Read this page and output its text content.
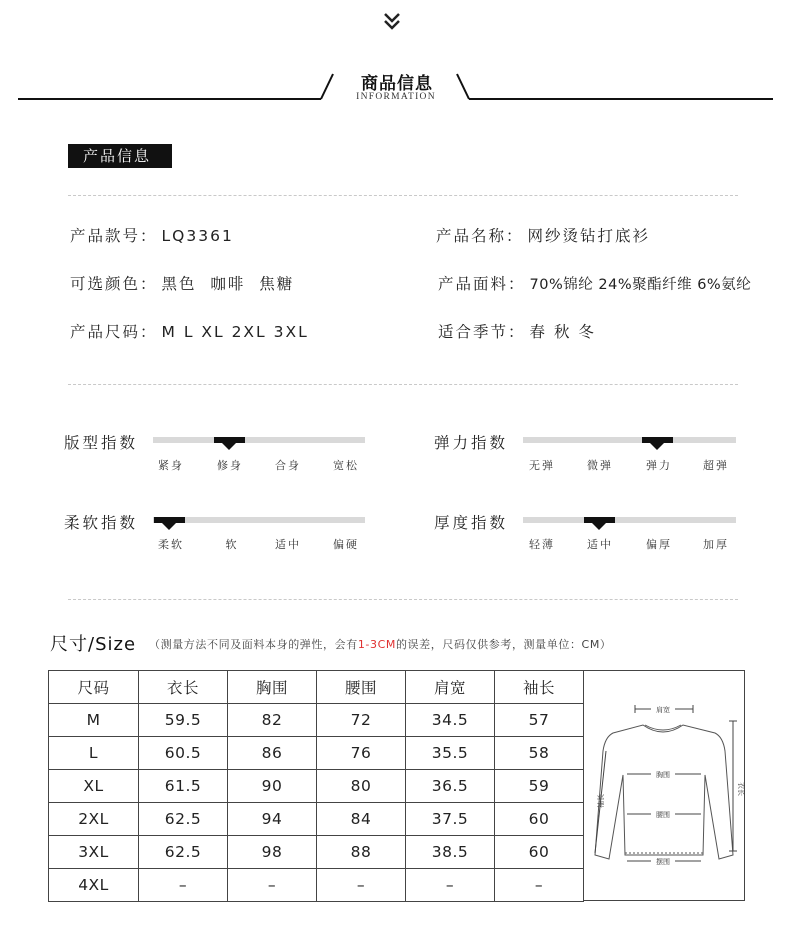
商品信息
INFORMATION
产品信息
产品款号： LQ3361	产品名称： 网纱烫钻打底衫
可选颜色： 黑色  咖啡  焦糖	产品面料： 70%锦纶 24%聚酯纤维 6%氨纶
产品尺码： M L XL 2XL 3XL	适合季节： 春 秋 冬
版型指数
紧身	修身	合身	宽松
弹力指数
无弹	微弹	弹力	超弹
柔软指数
柔软	软	适中	偏硬
厚度指数
轻薄	适中	偏厚	加厚
尺寸/Size （测量方法不同及面料本身的弹性，会有1-3CM的误差，尺码仅供参考，测量单位：CM）
尺码	衣长	胸围	腰围	肩宽	袖长
M	59.5	82	72	34.5	57
L	60.5	86	76	35.5	58
XL	61.5	90	80	36.5	59
2XL	62.5	94	84	37.5	60
3XL	62.5	98	88	38.5	60
4XL	–	–	–	–	–
肩宽
胸围
腰围
摆围
袖长
衣长
